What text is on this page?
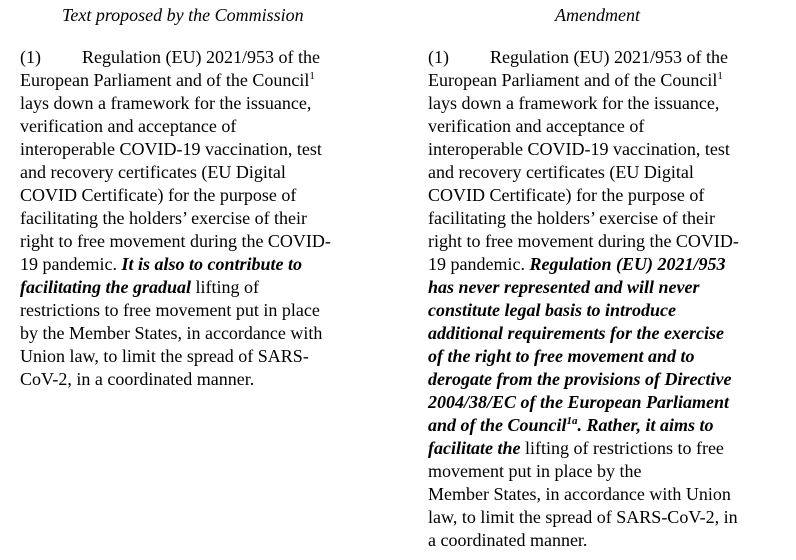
Text proposed by the Commission	Amendment
(1) Regulation (EU) 2021/953 of the
European Parliament and of the Council$^1$
lays down a framework for the issuance,
verification and acceptance of
interoperable COVID-19 vaccination, test
and recovery certificates (EU Digital
COVID Certificate) for the purpose of
facilitating the holders’ exercise of their
right to free movement during the COVID-
19 pandemic. It is also to contribute to
facilitating the gradual lifting of
restrictions to free movement put in place
by the Member States, in accordance with
Union law, to limit the spread of SARS-
CoV-2, in a coordinated manner.
(1) Regulation (EU) 2021/953 of the
European Parliament and of the Council$^1$
lays down a framework for the issuance,
verification and acceptance of
interoperable COVID-19 vaccination, test
and recovery certificates (EU Digital
COVID Certificate) for the purpose of
facilitating the holders’ exercise of their
right to free movement during the COVID-
19 pandemic. Regulation (EU) 2021/953
has never represented and will never
constitute legal basis to introduce
additional requirements for the exercise
of the right to free movement and to
derogate from the provisions of Directive
2004/38/EC of the European Parliament
and of the Council$^{1a}$. Rather, it aims to
facilitate the lifting of restrictions to free
movement put in place by the
Member States, in accordance with Union
law, to limit the spread of SARS-CoV-2, in
a coordinated manner.
